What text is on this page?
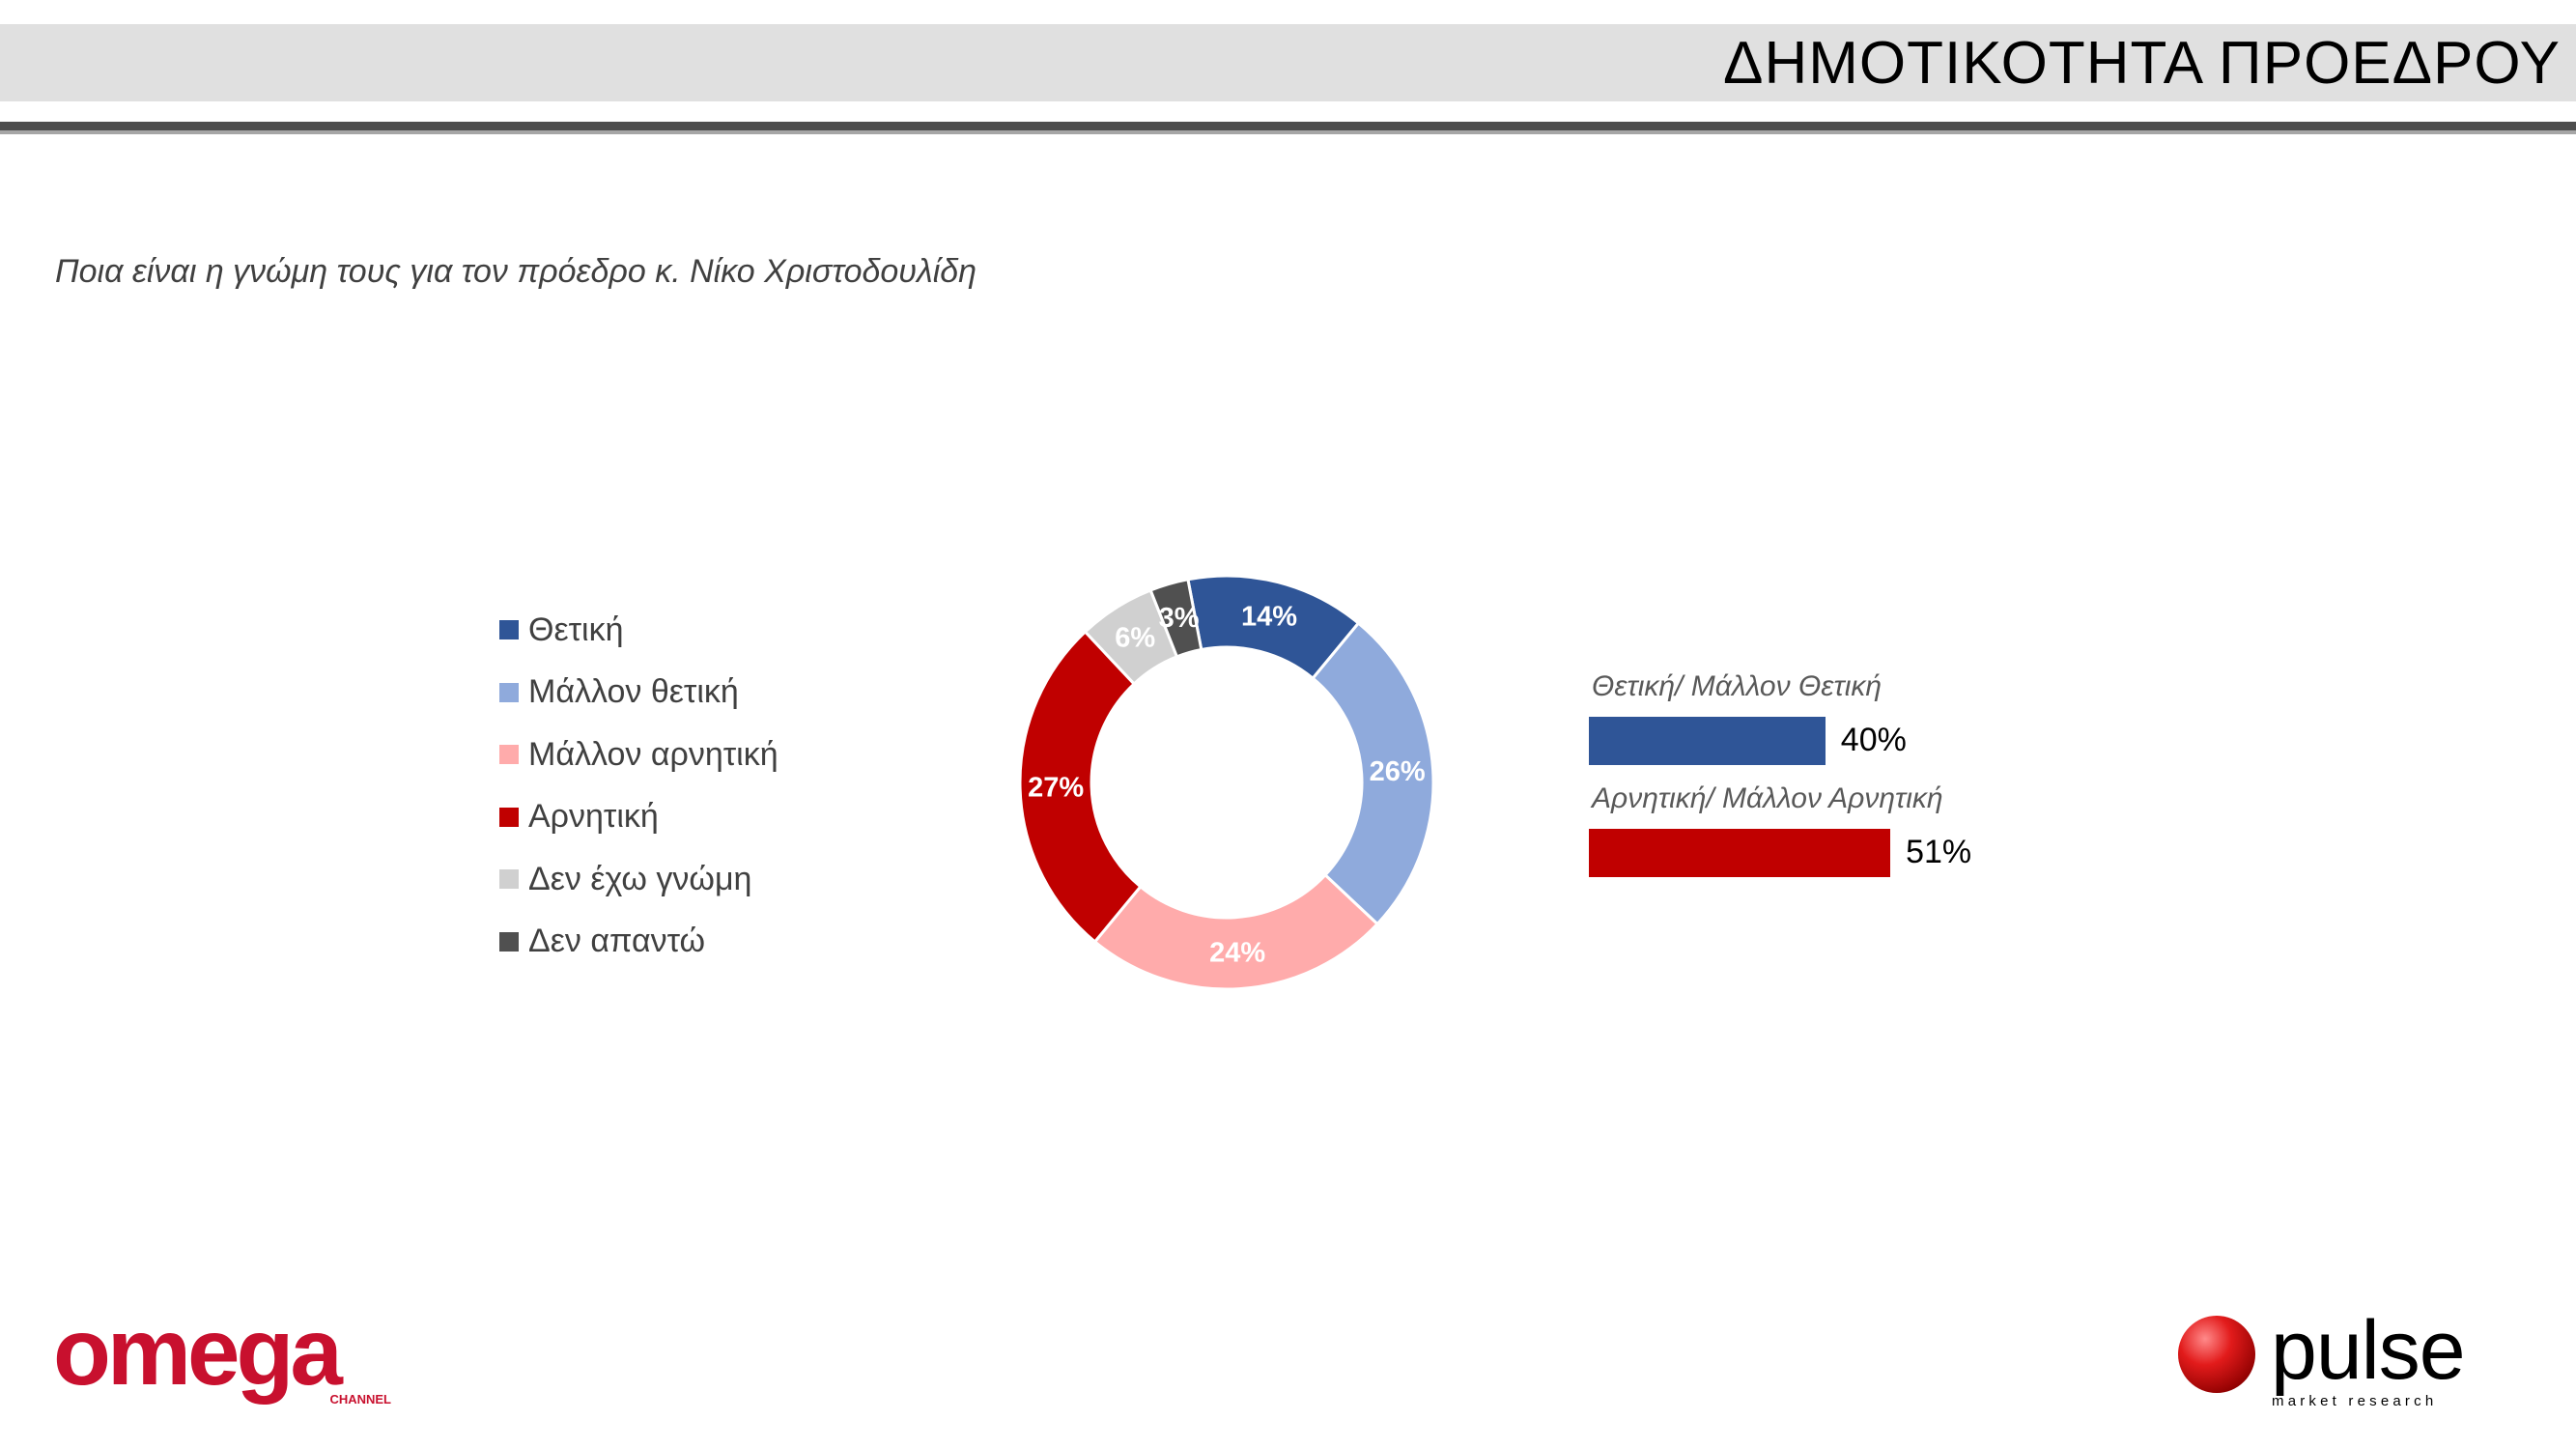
ΔΗΜΟΤΙΚΟΤΗΤΑ ΠΡΟΕΔΡΟΥ
Ποια είναι η γνώμη τους για τον πρόεδρο κ. Νίκο Χριστοδουλίδη
Θετική
Μάλλον θετική
Μάλλον αρνητική
Αρνητική
Δεν έχω γνώμη
Δεν απαντώ
14%
26%
24%
27%
6%
3%
Θετική/ Μάλλον Θετική
40%
Αρνητική/ Μάλλον Αρνητική
51%
omega
CHANNEL
pulse
market research
